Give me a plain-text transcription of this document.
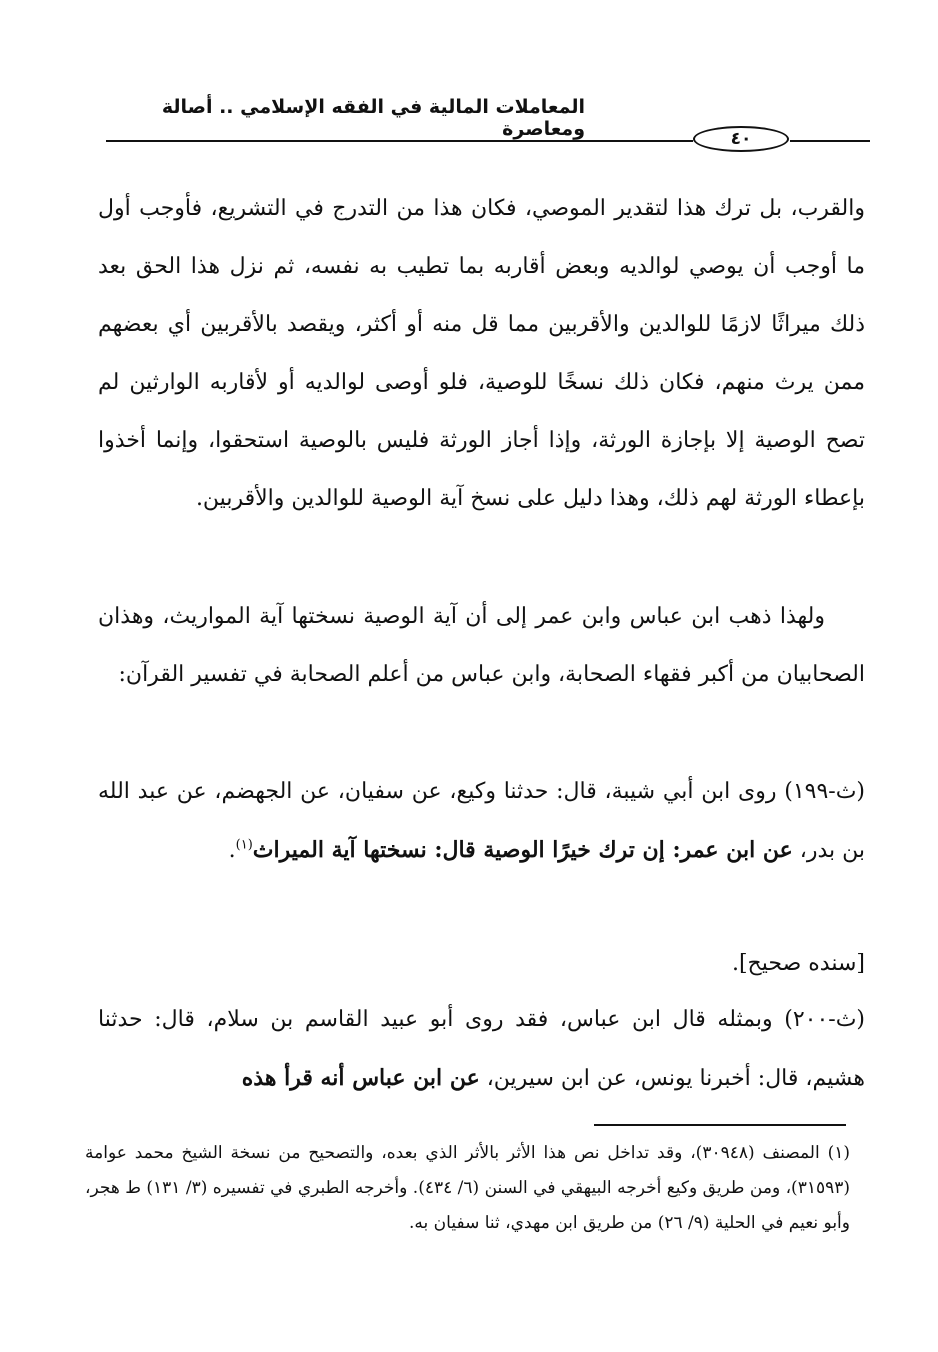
المعاملات المالية في الفقه الإسلامي .. أصالة ومعاصرة	٤٠

والقرب، بل ترك هذا لتقدير الموصي، فكان هذا من التدرج في التشريع، فأوجب أول ما أوجب أن يوصي لوالديه وبعض أقاربه بما تطيب به نفسه، ثم نزل هذا الحق بعد ذلك ميراثًا لازمًا للوالدين والأقربين مما قل منه أو أكثر، ويقصد بالأقربين أي بعضهم ممن يرث منهم، فكان ذلك نسخًا للوصية، فلو أوصى لوالديه أو لأقاربه الوارثين لم تصح الوصية إلا بإجازة الورثة، وإذا أجاز الورثة فليس بالوصية استحقوا، وإنما أخذوا بإعطاء الورثة لهم ذلك، وهذا دليل على نسخ آية الوصية للوالدين والأقربين.

ولهذا ذهب ابن عباس وابن عمر إلى أن آية الوصية نسختها آية المواريث، وهذان الصحابيان من أكبر فقهاء الصحابة، وابن عباس من أعلم الصحابة في تفسير القرآن:

(ث-١٩٩) روى ابن أبي شيبة، قال: حدثنا وكيع، عن سفيان، عن الجهضم، عن عبد الله بن بدر، عن ابن عمر: إن ترك خيرًا الوصية قال: نسختها آية الميراث$^{(١)}$.

[سنده صحيح].

(ث-٢٠٠) وبمثله قال ابن عباس، فقد روى أبو عبيد القاسم بن سلام، قال: حدثنا هشيم، قال: أخبرنا يونس، عن ابن سيرين، عن ابن عباس أنه قرأ هذه

(١) المصنف (٣٠٩٤٨)، وقد تداخل نص هذا الأثر بالأثر الذي بعده، والتصحيح من نسخة الشيخ محمد عوامة (٣١٥٩٣)، ومن طريق وكيع أخرجه البيهقي في السنن (٦/ ٤٣٤). وأخرجه الطبري في تفسيره (٣/ ١٣١) ط هجر، وأبو نعيم في الحلية (٩/ ٢٦) من طريق ابن مهدي، ثنا سفيان به.
